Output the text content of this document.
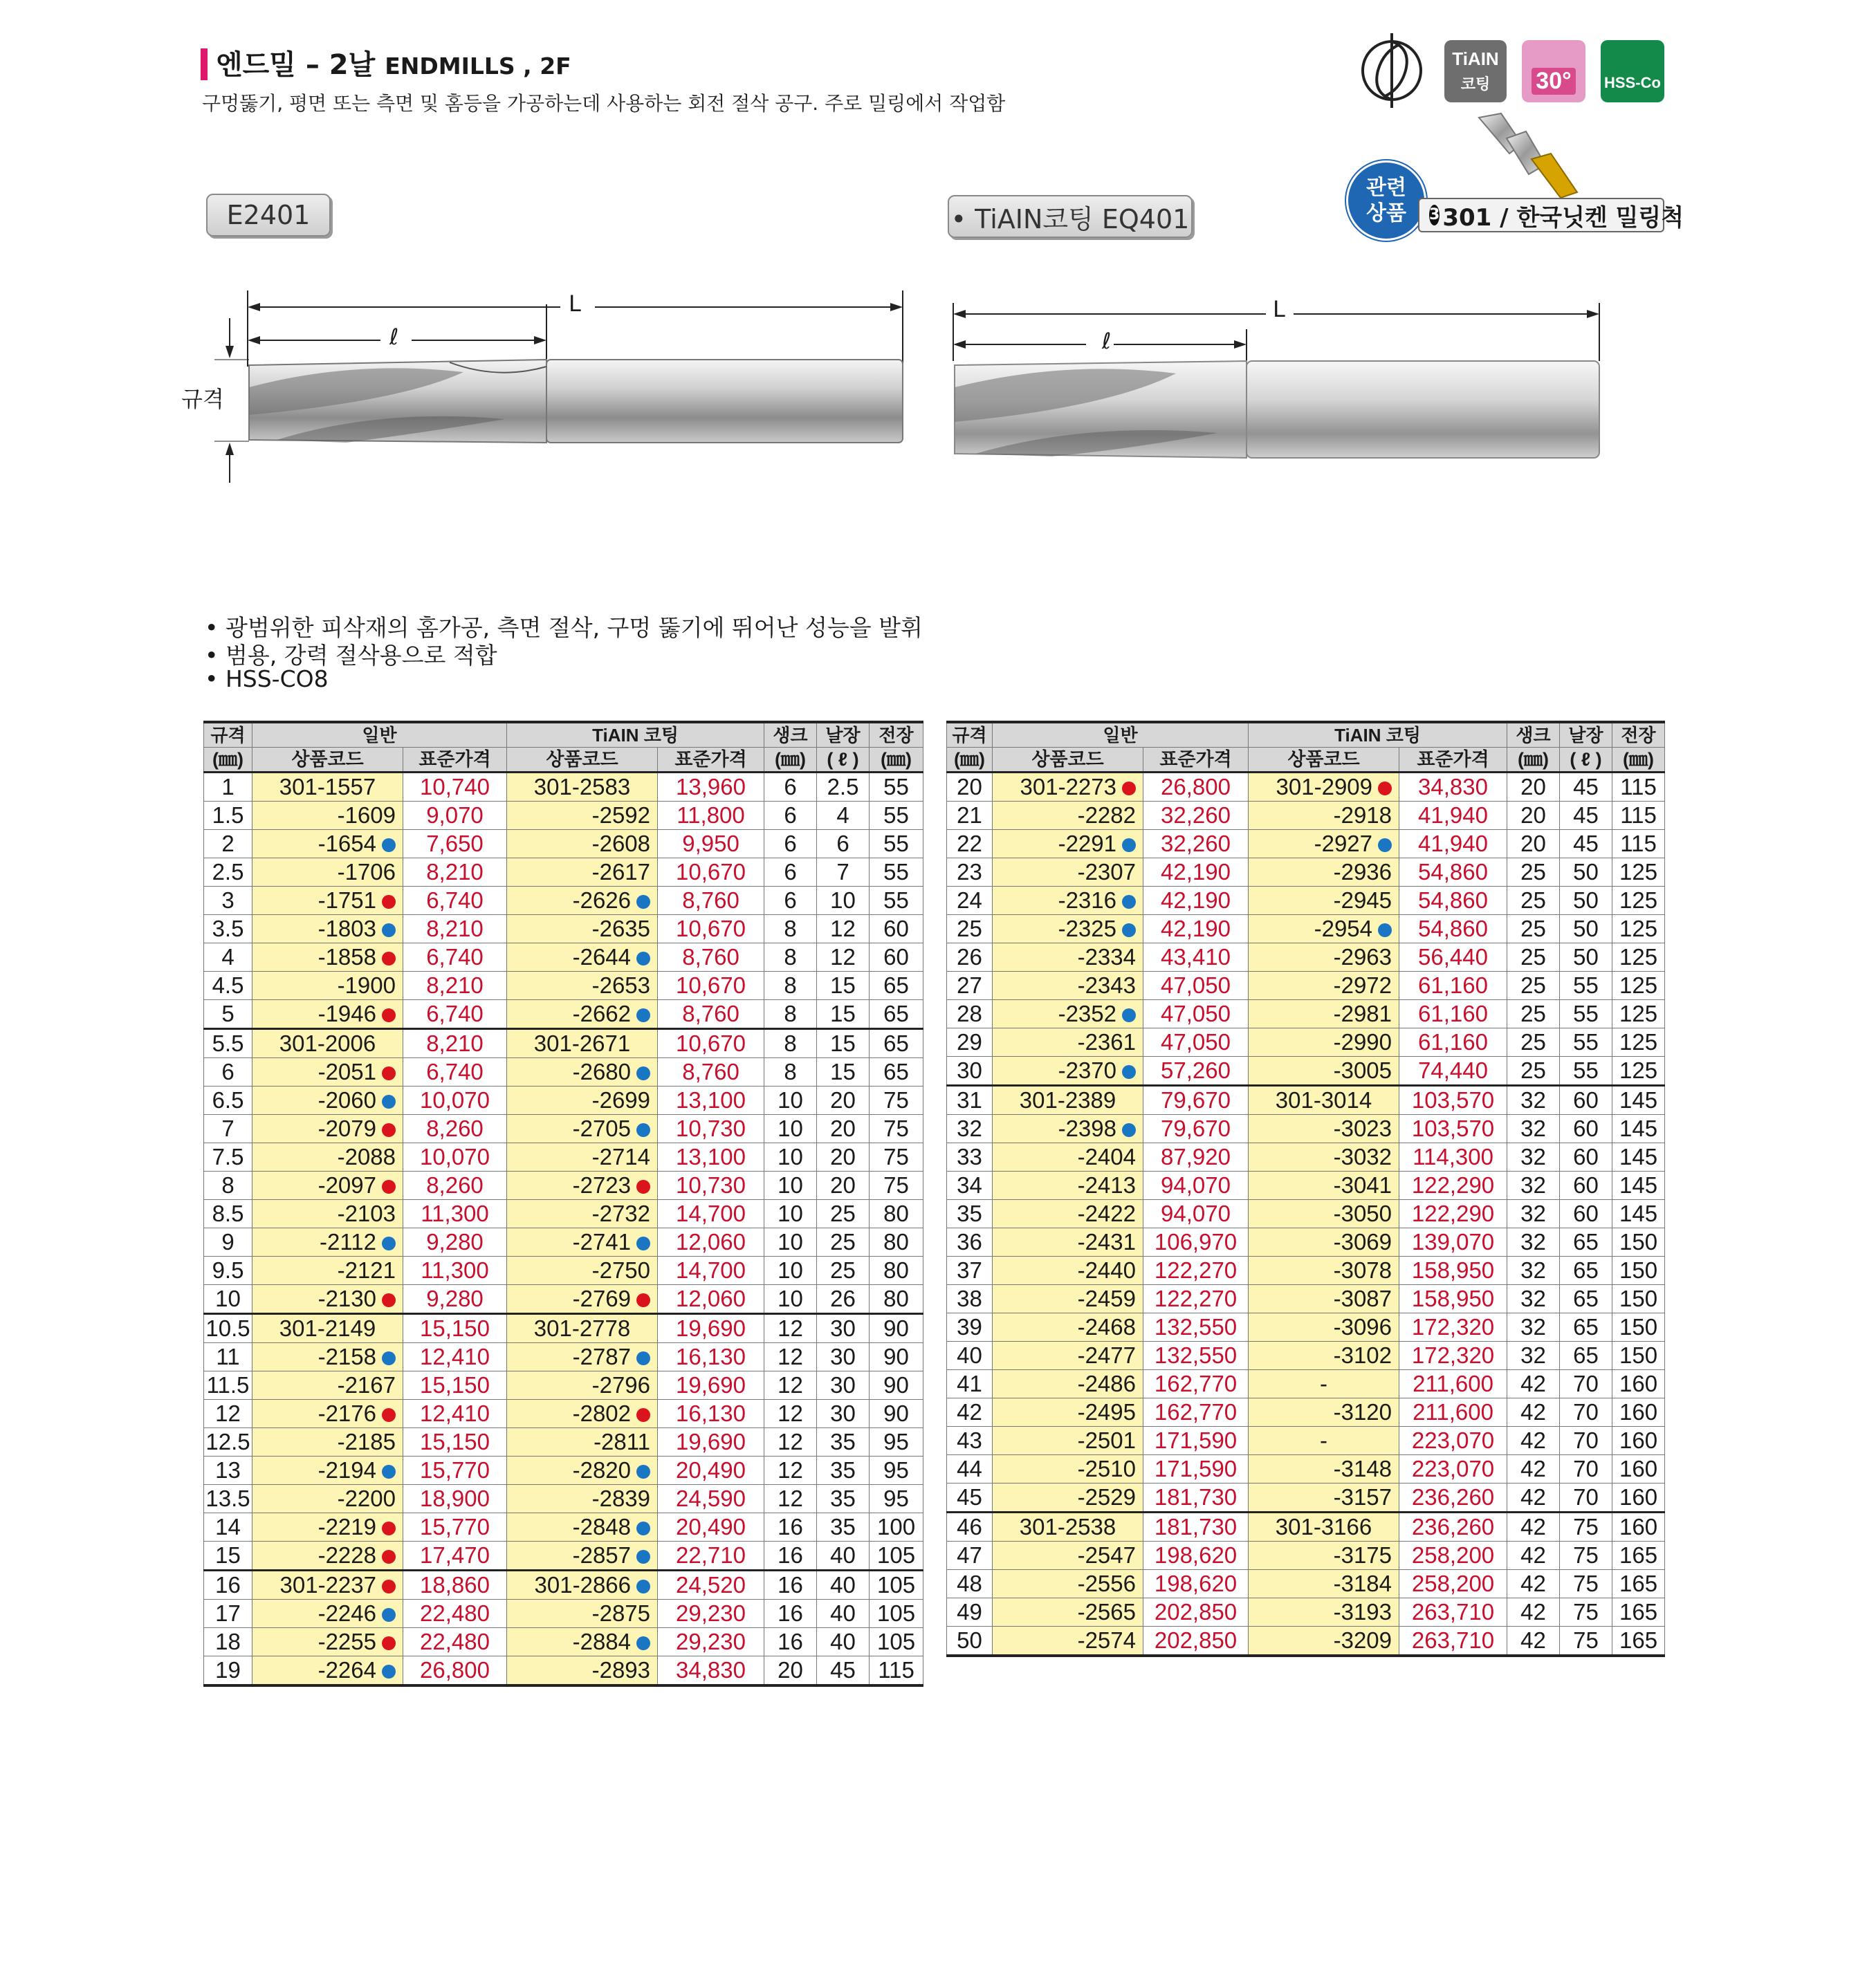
엔드밀 – 2날 ENDMILLS , 2F
구멍뚫기, 평면 또는 측면 및 홈등을 가공하는데 사용하는 회전 절삭 공구. 주로 밀링에서 작업함
TiAIN
코팅 30° HSS-Co
관련
상품 3 301 / 한국닛켄 밀링척
E2401	• TiAIN코팅 EQ401
L
ℓ
규격
L
ℓ
• 광범위한 피삭재의 홈가공, 측면 절삭, 구멍 뚫기에 뛰어난 성능을 발휘
• 범용, 강력 절삭용으로 적합
• HSS-CO8
규격	일반		TiAIN 코팅		생크	날장	전장
(㎜)	상품코드	표준가격	상품코드	표준가격	(㎜)	( ℓ )	(㎜)
1	301-1557	10,740	301-2583	13,960	6	2.5	55
1.5	-1609	9,070	-2592	11,800	6	4	55
2	-1654	7,650	-2608	9,950	6	6	55
2.5	-1706	8,210	-2617	10,670	6	7	55
3	-1751	6,740	-2626	8,760	6	10	55
3.5	-1803	8,210	-2635	10,670	8	12	60
4	-1858	6,740	-2644	8,760	8	12	60
4.5	-1900	8,210	-2653	10,670	8	15	65
5	-1946	6,740	-2662	8,760	8	15	65
5.5	301-2006	8,210	301-2671	10,670	8	15	65
6	-2051	6,740	-2680	8,760	8	15	65
6.5	-2060	10,070	-2699	13,100	10	20	75
7	-2079	8,260	-2705	10,730	10	20	75
7.5	-2088	10,070	-2714	13,100	10	20	75
8	-2097	8,260	-2723	10,730	10	20	75
8.5	-2103	11,300	-2732	14,700	10	25	80
9	-2112	9,280	-2741	12,060	10	25	80
9.5	-2121	11,300	-2750	14,700	10	25	80
10	-2130	9,280	-2769	12,060	10	26	80
10.5	301-2149	15,150	301-2778	19,690	12	30	90
11	-2158	12,410	-2787	16,130	12	30	90
11.5	-2167	15,150	-2796	19,690	12	30	90
12	-2176	12,410	-2802	16,130	12	30	90
12.5	-2185	15,150	-2811	19,690	12	35	95
13	-2194	15,770	-2820	20,490	12	35	95
13.5	-2200	18,900	-2839	24,590	12	35	95
14	-2219	15,770	-2848	20,490	16	35	100
15	-2228	17,470	-2857	22,710	16	40	105
16	301-2237	18,860	301-2866	24,520	16	40	105
17	-2246	22,480	-2875	29,230	16	40	105
18	-2255	22,480	-2884	29,230	16	40	105
19	-2264	26,800	-2893	34,830	20	45	115
규격	일반		TiAIN 코팅		생크	날장	전장
(㎜)	상품코드	표준가격	상품코드	표준가격	(㎜)	( ℓ )	(㎜)
20	301-2273	26,800	301-2909	34,830	20	45	115
21	-2282	32,260	-2918	41,940	20	45	115
22	-2291	32,260	-2927	41,940	20	45	115
23	-2307	42,190	-2936	54,860	25	50	125
24	-2316	42,190	-2945	54,860	25	50	125
25	-2325	42,190	-2954	54,860	25	50	125
26	-2334	43,410	-2963	56,440	25	50	125
27	-2343	47,050	-2972	61,160	25	55	125
28	-2352	47,050	-2981	61,160	25	55	125
29	-2361	47,050	-2990	61,160	25	55	125
30	-2370	57,260	-3005	74,440	25	55	125
31	301-2389	79,670	301-3014	103,570	32	60	145
32	-2398	79,670	-3023	103,570	32	60	145
33	-2404	87,920	-3032	114,300	32	60	145
34	-2413	94,070	-3041	122,290	32	60	145
35	-2422	94,070	-3050	122,290	32	60	145
36	-2431	106,970	-3069	139,070	32	65	150
37	-2440	122,270	-3078	158,950	32	65	150
38	-2459	122,270	-3087	158,950	32	65	150
39	-2468	132,550	-3096	172,320	32	65	150
40	-2477	132,550	-3102	172,320	32	65	150
41	-2486	162,770	-	211,600	42	70	160
42	-2495	162,770	-3120	211,600	42	70	160
43	-2501	171,590	-	223,070	42	70	160
44	-2510	171,590	-3148	223,070	42	70	160
45	-2529	181,730	-3157	236,260	42	70	160
46	301-2538	181,730	301-3166	236,260	42	75	160
47	-2547	198,620	-3175	258,200	42	75	165
48	-2556	198,620	-3184	258,200	42	75	165
49	-2565	202,850	-3193	263,710	42	75	165
50	-2574	202,850	-3209	263,710	42	75	165
